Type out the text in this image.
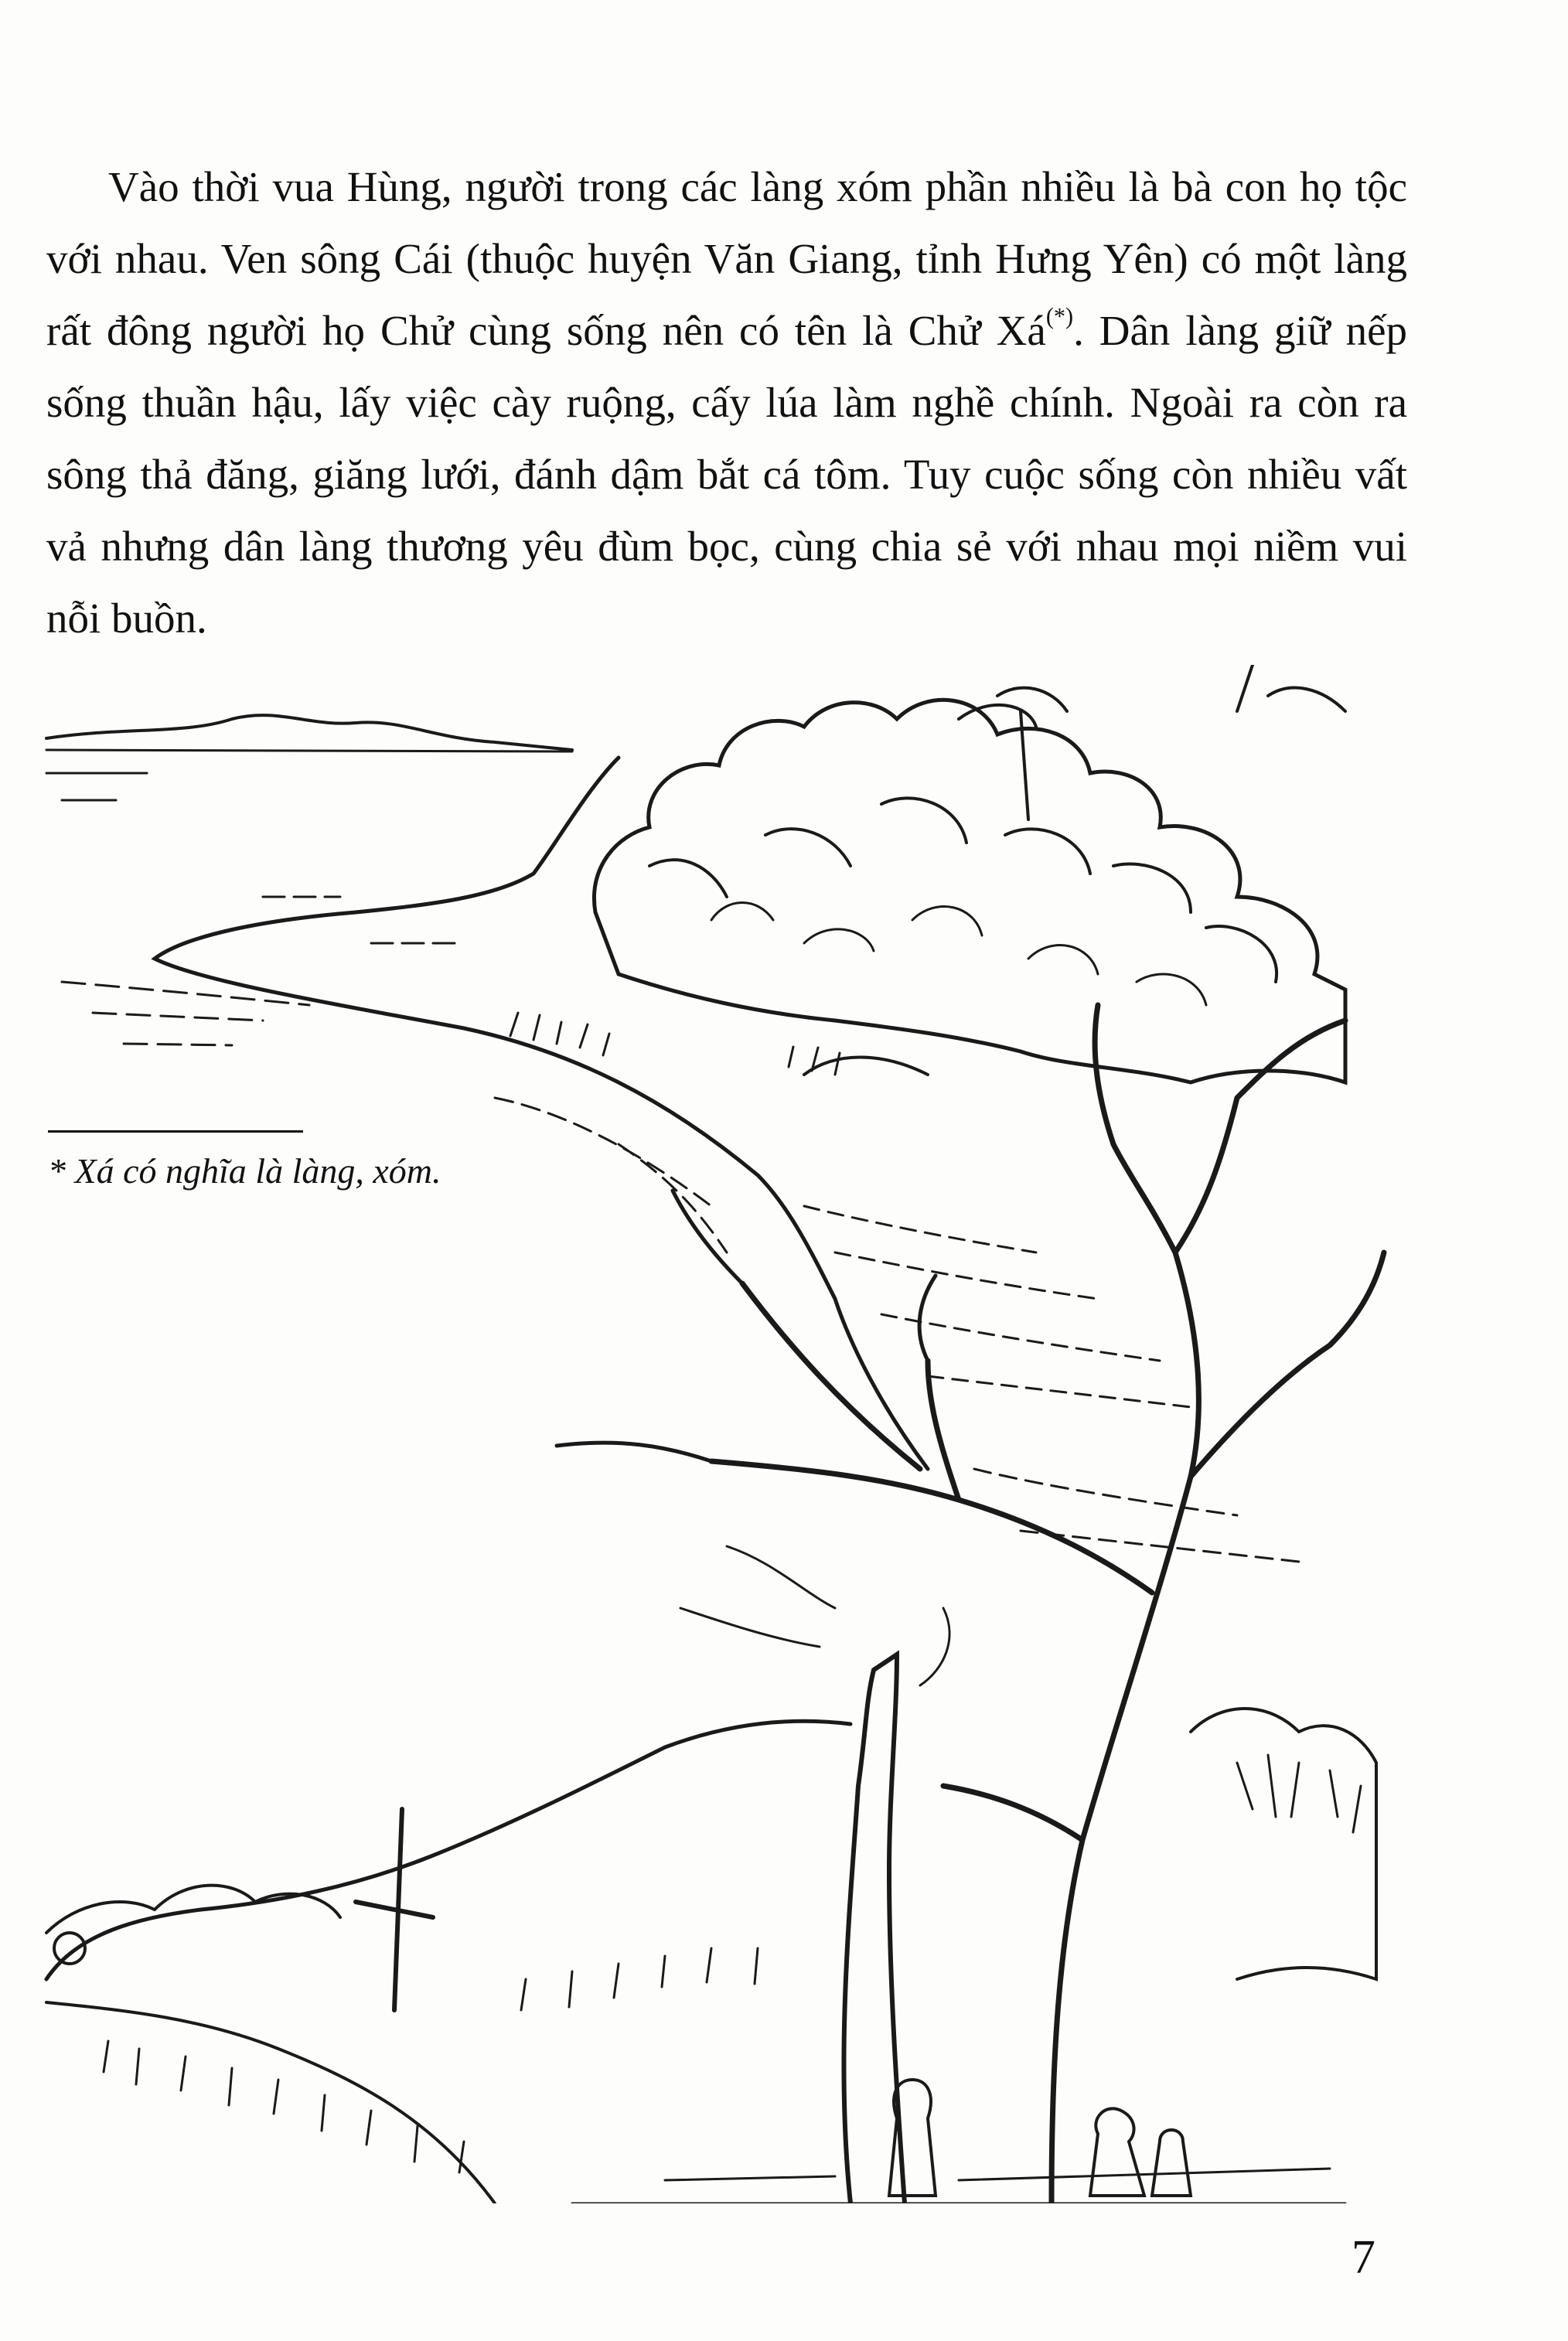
Vào thời vua Hùng, người trong các làng xóm phần nhiều là bà con họ tộc với nhau. Ven sông Cái (thuộc huyện Văn Giang, tỉnh Hưng Yên) có một làng rất đông người họ Chử cùng sống nên có tên là Chử Xá(*). Dân làng giữ nếp sống thuần hậu, lấy việc cày ruộng, cấy lúa làm nghề chính. Ngoài ra còn ra sông thả đăng, giăng lưới, đánh dậm bắt cá tôm. Tuy cuộc sống còn nhiều vất vả nhưng dân làng thương yêu đùm bọc, cùng chia sẻ với nhau mọi niềm vui nỗi buồn.

* Xá có nghĩa là làng, xóm.

7
